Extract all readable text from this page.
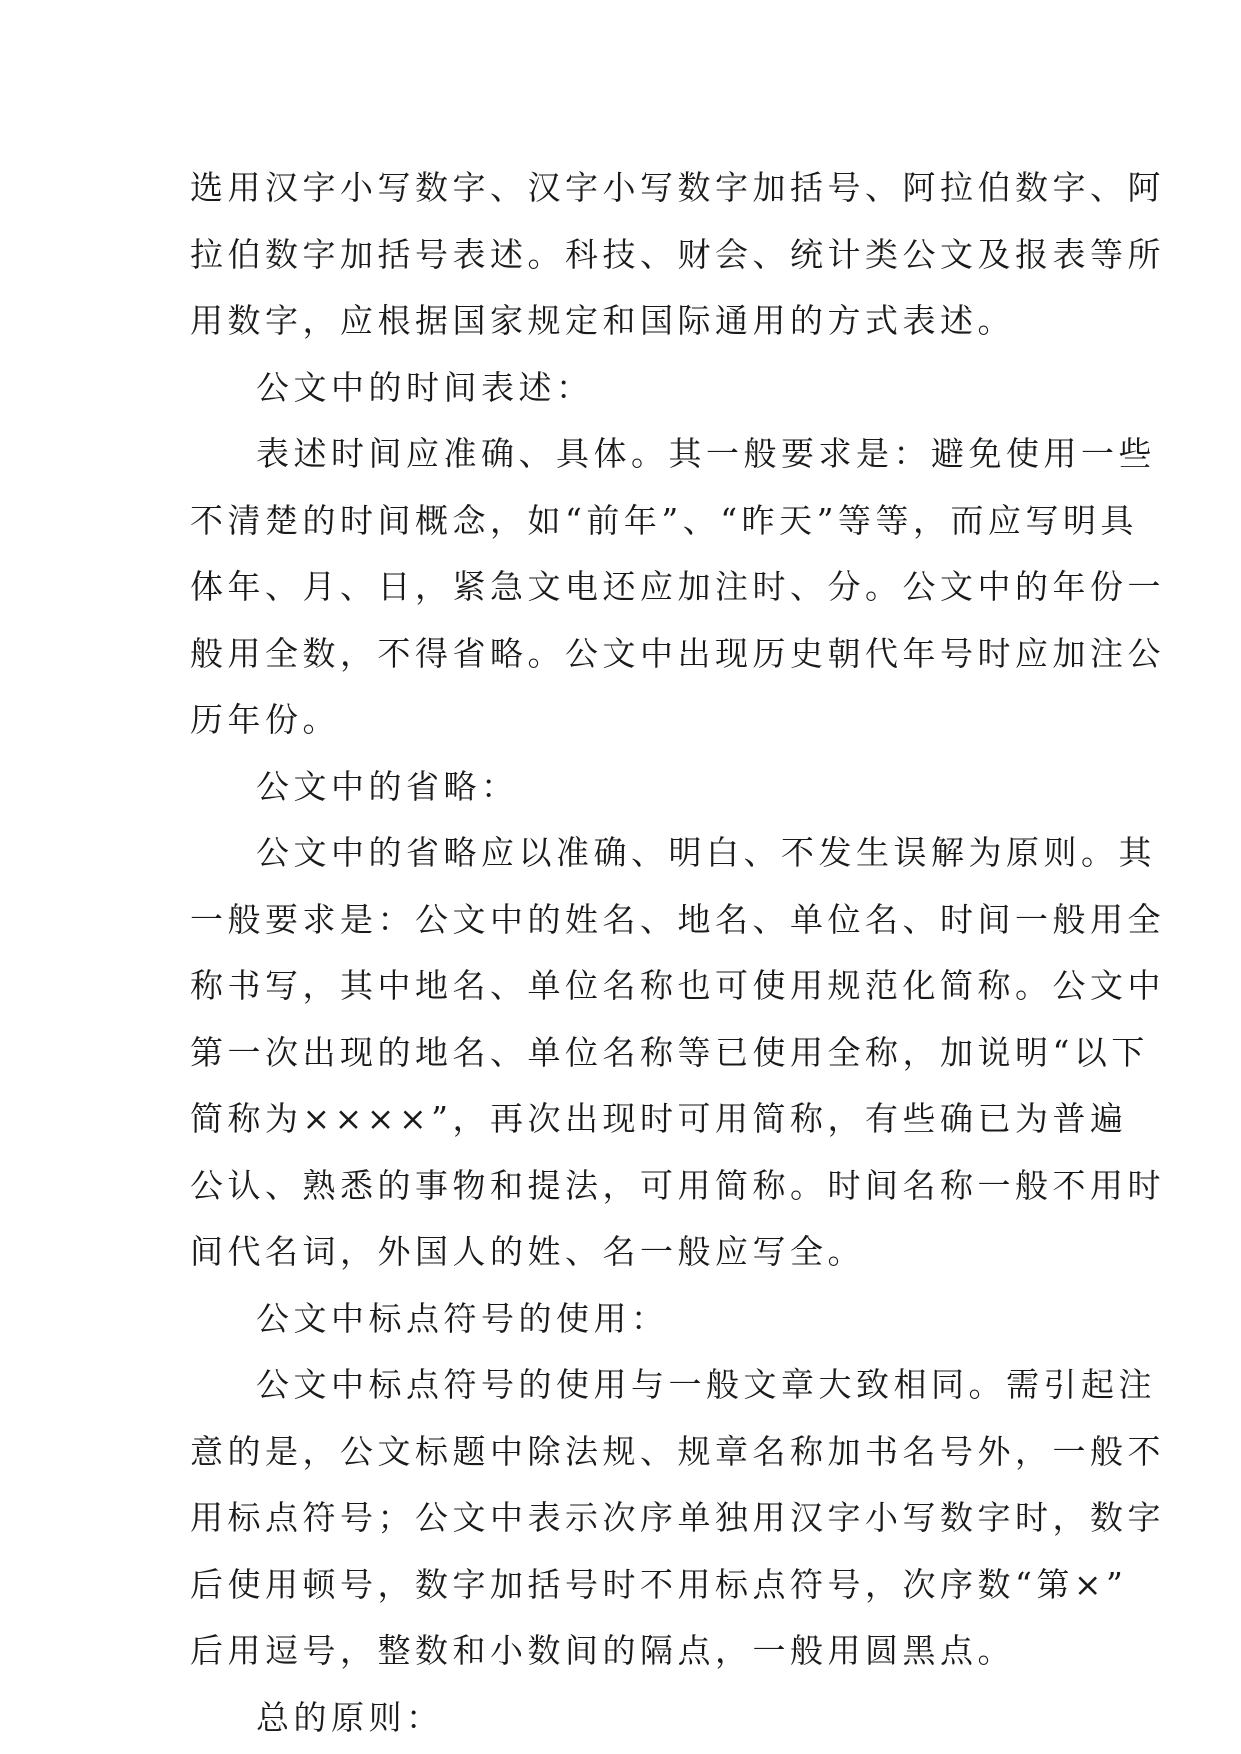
选用汉字小写数字、汉字小写数字加括号、阿拉伯数字、阿
拉伯数字加括号表述。科技、财会、统计类公文及报表等所
用数字，应根据国家规定和国际通用的方式表述。
公文中的时间表述：
表述时间应准确、具体。其一般要求是：避免使用一些
不清楚的时间概念，如“前年”、“昨天”等等，而应写明具
体年、月、日，紧急文电还应加注时、分。公文中的年份一
般用全数，不得省略。公文中出现历史朝代年号时应加注公
历年份。
公文中的省略：
公文中的省略应以准确、明白、不发生误解为原则。其
一般要求是：公文中的姓名、地名、单位名、时间一般用全
称书写，其中地名、单位名称也可使用规范化简称。公文中
第一次出现的地名、单位名称等已使用全称，加说明“以下
简称为××××”，再次出现时可用简称，有些确已为普遍
公认、熟悉的事物和提法，可用简称。时间名称一般不用时
间代名词，外国人的姓、名一般应写全。
公文中标点符号的使用：
公文中标点符号的使用与一般文章大致相同。需引起注
意的是，公文标题中除法规、规章名称加书名号外，一般不
用标点符号；公文中表示次序单独用汉字小写数字时，数字
后使用顿号，数字加括号时不用标点符号，次序数“第×”
后用逗号，整数和小数间的隔点，一般用圆黑点。
总的原则：
